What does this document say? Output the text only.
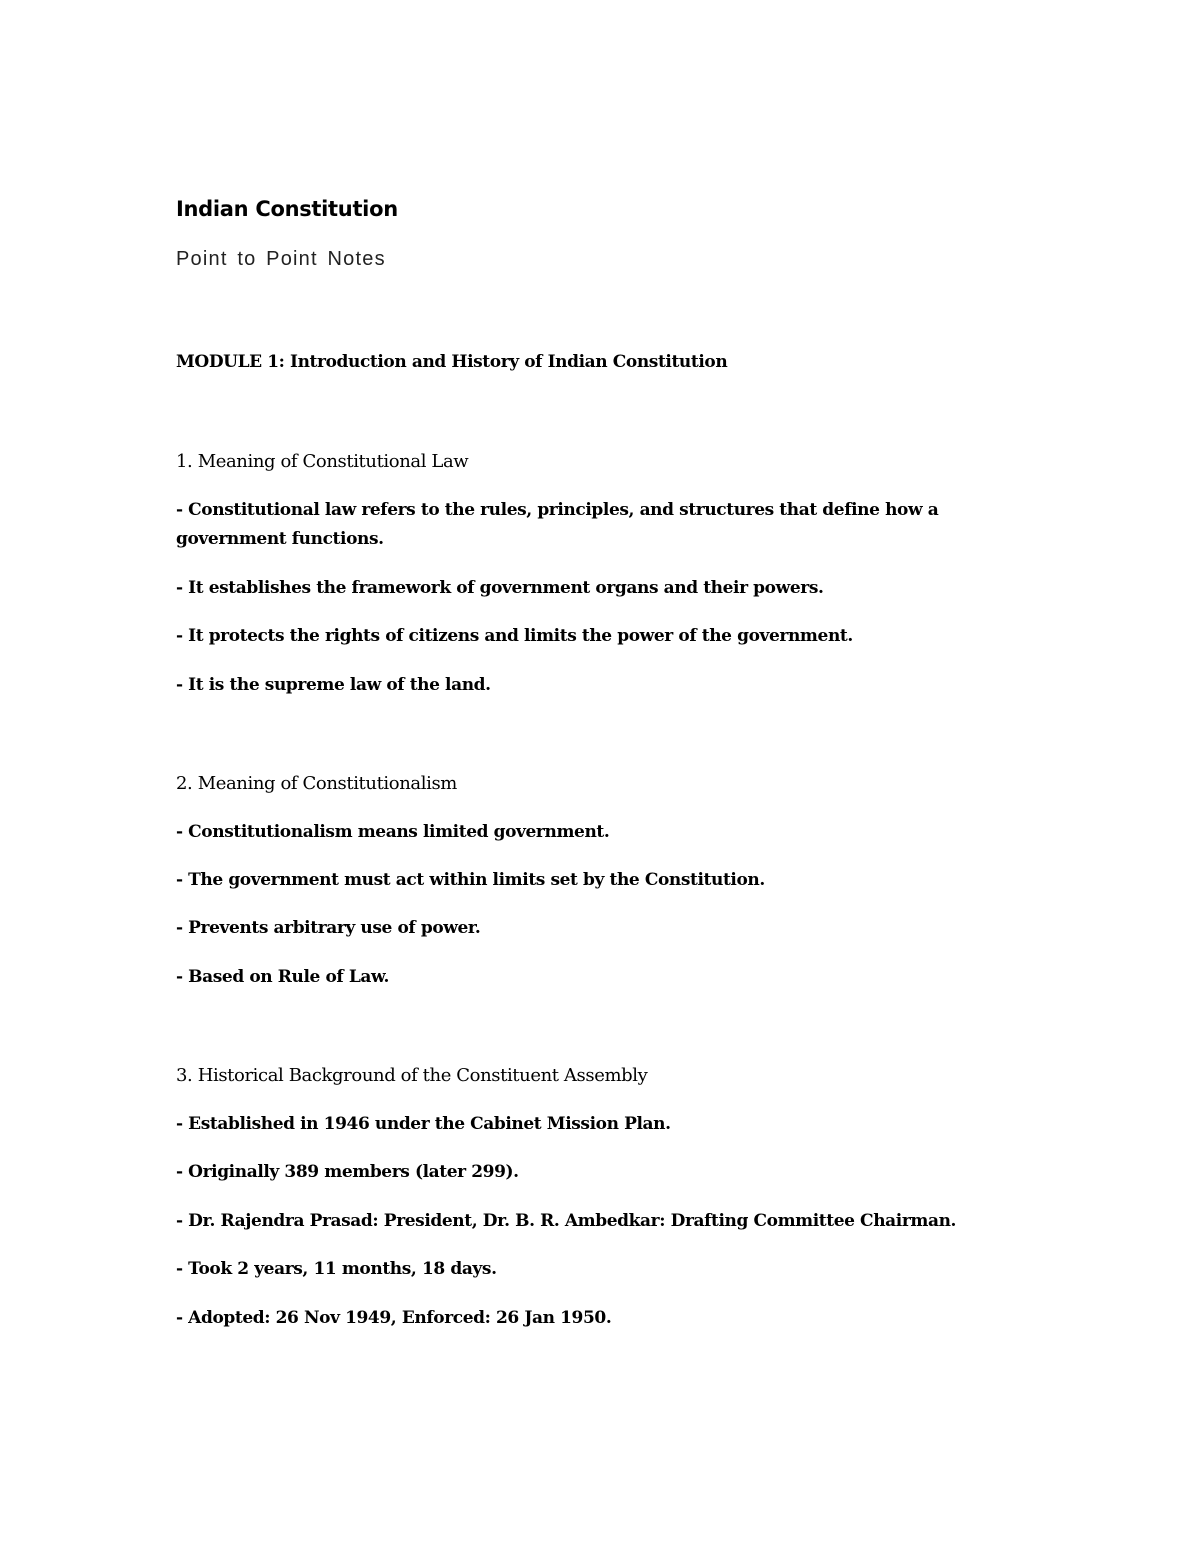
Indian Constitution

Point to Point Notes

MODULE 1: Introduction and History of Indian Constitution

1. Meaning of Constitutional Law

- Constitutional law refers to the rules, principles, and structures that define how a

government functions.

- It establishes the framework of government organs and their powers.

- It protects the rights of citizens and limits the power of the government.

- It is the supreme law of the land.

2. Meaning of Constitutionalism

- Constitutionalism means limited government.

- The government must act within limits set by the Constitution.

- Prevents arbitrary use of power.

- Based on Rule of Law.

3. Historical Background of the Constituent Assembly

- Established in 1946 under the Cabinet Mission Plan.

- Originally 389 members (later 299).

- Dr. Rajendra Prasad: President, Dr. B. R. Ambedkar: Drafting Committee Chairman.

- Took 2 years, 11 months, 18 days.

- Adopted: 26 Nov 1949, Enforced: 26 Jan 1950.
